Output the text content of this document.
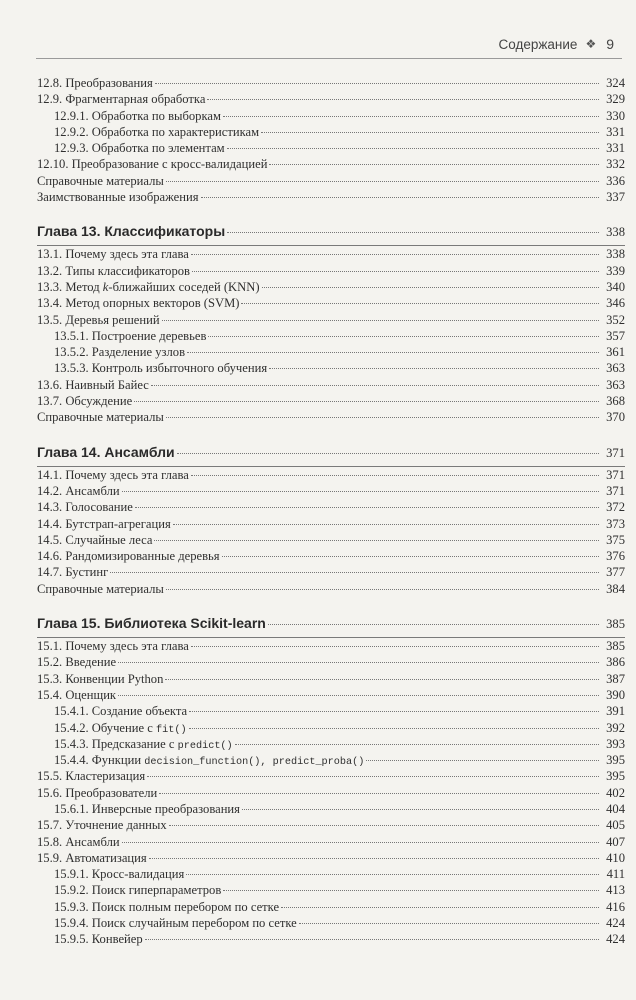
Содержание ❖ 9
12.8. Преобразования	324
12.9. Фрагментарная обработка	329
12.9.1. Обработка по выборкам	330
12.9.2. Обработка по характеристикам	331
12.9.3. Обработка по элементам	331
12.10. Преобразование с кросс-валидацией	332
Справочные материалы	336
Заимствованные изображения	337
Глава 13. Классификаторы	338
13.1. Почему здесь эта глава	338
13.2. Типы классификаторов	339
13.3. Метод k-ближайших соседей (KNN)	340
13.4. Метод опорных векторов (SVM)	346
13.5. Деревья решений	352
13.5.1. Построение деревьев	357
13.5.2. Разделение узлов	361
13.5.3. Контроль избыточного обучения	363
13.6. Наивный Байес	363
13.7. Обсуждение	368
Справочные материалы	370
Глава 14. Ансамбли	371
14.1. Почему здесь эта глава	371
14.2. Ансамбли	371
14.3. Голосование	372
14.4. Бутстрап-агрегация	373
14.5. Случайные леса	375
14.6. Рандомизированные деревья	376
14.7. Бустинг	377
Справочные материалы	384
Глава 15. Библиотека Scikit-learn	385
15.1. Почему здесь эта глава	385
15.2. Введение	386
15.3. Конвенции Python	387
15.4. Оценщик	390
15.4.1. Создание объекта	391
15.4.2. Обучение с fit()	392
15.4.3. Предсказание с predict()	393
15.4.4. Функции decision_function(), predict_proba()	395
15.5. Кластеризация	395
15.6. Преобразователи	402
15.6.1. Инверсные преобразования	404
15.7. Уточнение данных	405
15.8. Ансамбли	407
15.9. Автоматизация	410
15.9.1. Кросс-валидация	411
15.9.2. Поиск гиперпараметров	413
15.9.3. Поиск полным перебором по сетке	416
15.9.4. Поиск случайным перебором по сетке	424
15.9.5. Конвейер	424
